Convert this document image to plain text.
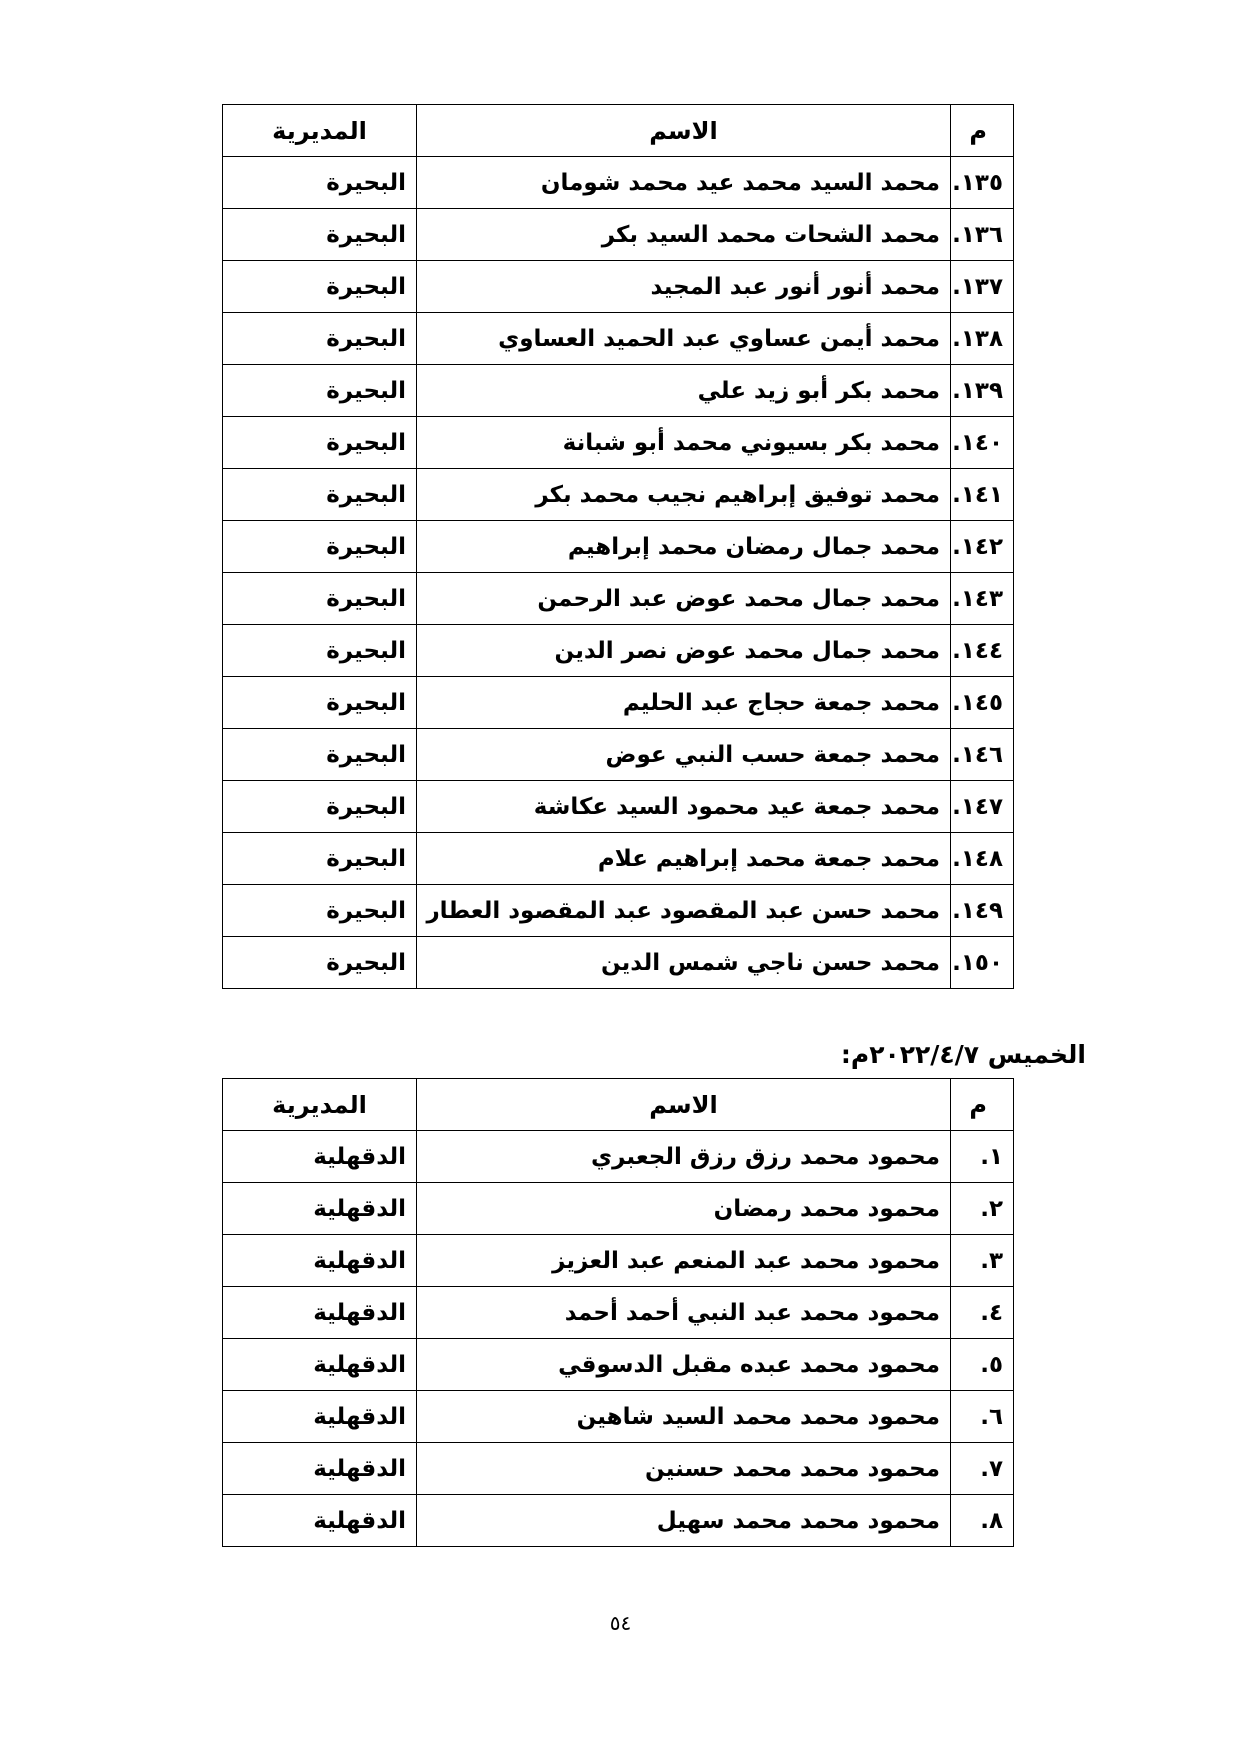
م	الاسم	المديرية
١٣٥.	محمد السيد محمد عيد محمد شومان	البحيرة
١٣٦.	محمد الشحات محمد السيد بكر	البحيرة
١٣٧.	محمد أنور أنور عبد المجيد	البحيرة
١٣٨.	محمد أيمن عساوي عبد الحميد العساوي	البحيرة
١٣٩.	محمد بكر أبو زيد علي	البحيرة
١٤٠.	محمد بكر بسيوني محمد أبو شبانة	البحيرة
١٤١.	محمد توفيق إبراهيم نجيب محمد بكر	البحيرة
١٤٢.	محمد جمال رمضان محمد إبراهيم	البحيرة
١٤٣.	محمد جمال محمد عوض عبد الرحمن	البحيرة
١٤٤.	محمد جمال محمد عوض نصر الدين	البحيرة
١٤٥.	محمد جمعة حجاج عبد الحليم	البحيرة
١٤٦.	محمد جمعة حسب النبي عوض	البحيرة
١٤٧.	محمد جمعة عيد محمود السيد عكاشة	البحيرة
١٤٨.	محمد جمعة محمد إبراهيم علام	البحيرة
١٤٩.	محمد حسن عبد المقصود عبد المقصود العطار	البحيرة
١٥٠.	محمد حسن ناجي شمس الدين	البحيرة
الخميس ٢٠٢٢/٤/٧م:
م	الاسم	المديرية
١.	محمود محمد رزق رزق الجعبري	الدقهلية
٢.	محمود محمد رمضان	الدقهلية
٣.	محمود محمد عبد المنعم عبد العزيز	الدقهلية
٤.	محمود محمد عبد النبي أحمد أحمد	الدقهلية
٥.	محمود محمد عبده مقبل الدسوقي	الدقهلية
٦.	محمود محمد محمد السيد شاهين	الدقهلية
٧.	محمود محمد محمد حسنين	الدقهلية
٨.	محمود محمد محمد سهيل	الدقهلية
٥٤
